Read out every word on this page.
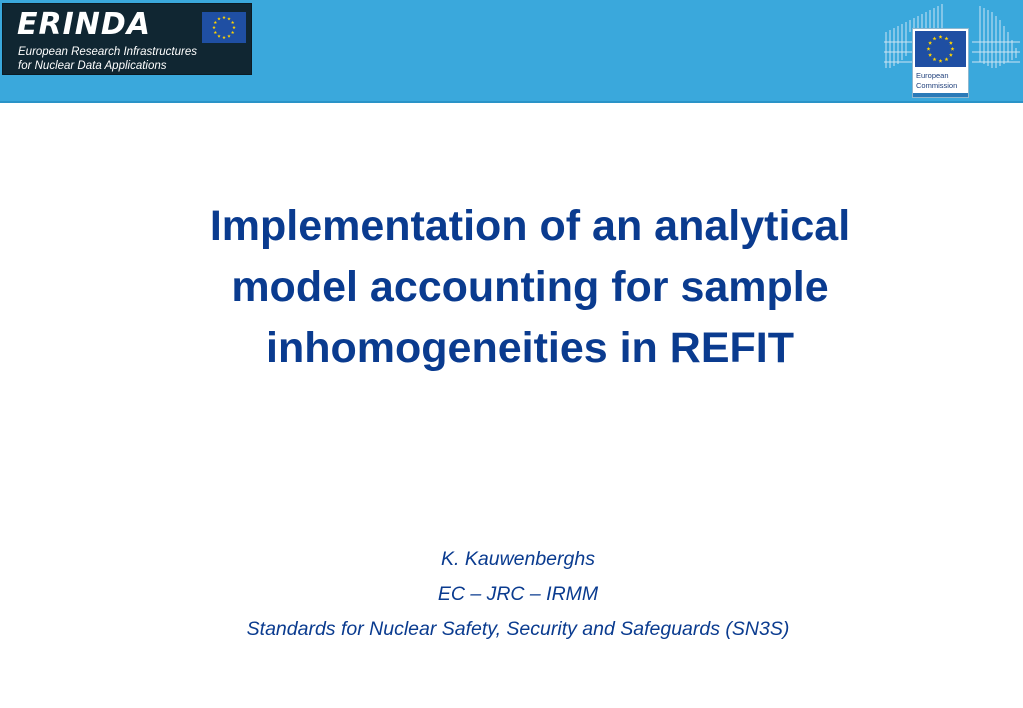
ERINDA
European Research Infrastructures
for Nuclear Data Applications
European
Commission
Implementation of an analytical
model accounting for sample
inhomogeneities in REFIT
K. Kauwenberghs
EC – JRC – IRMM
Standards for Nuclear Safety, Security and Safeguards (SN3S)
